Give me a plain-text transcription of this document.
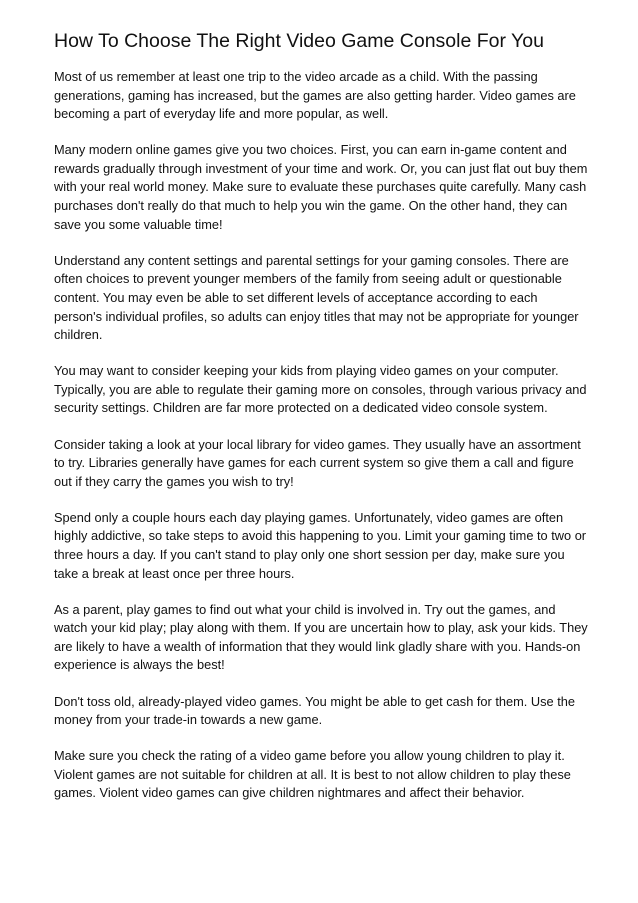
How To Choose The Right Video Game Console For You

Most of us remember at least one trip to the video arcade as a child. With the passing generations, gaming has increased, but the games are also getting harder. Video games are becoming a part of everyday life and more popular, as well.

Many modern online games give you two choices. First, you can earn in-game content and rewards gradually through investment of your time and work. Or, you can just flat out buy them with your real world money. Make sure to evaluate these purchases quite carefully. Many cash purchases don't really do that much to help you win the game. On the other hand, they can save you some valuable time!

Understand any content settings and parental settings for your gaming consoles. There are often choices to prevent younger members of the family from seeing adult or questionable content. You may even be able to set different levels of acceptance according to each person's individual profiles, so adults can enjoy titles that may not be appropriate for younger children.

You may want to consider keeping your kids from playing video games on your computer. Typically, you are able to regulate their gaming more on consoles, through various privacy and security settings. Children are far more protected on a dedicated video console system.

Consider taking a look at your local library for video games. They usually have an assortment to try. Libraries generally have games for each current system so give them a call and figure out if they carry the games you wish to try!

Spend only a couple hours each day playing games. Unfortunately, video games are often highly addictive, so take steps to avoid this happening to you. Limit your gaming time to two or three hours a day. If you can't stand to play only one short session per day, make sure you take a break at least once per three hours.

As a parent, play games to find out what your child is involved in. Try out the games, and watch your kid play; play along with them. If you are uncertain how to play, ask your kids. They are likely to have a wealth of information that they would link gladly share with you. Hands-on experience is always the best!

Don't toss old, already-played video games. You might be able to get cash for them. Use the money from your trade-in towards a new game.

Make sure you check the rating of a video game before you allow young children to play it. Violent games are not suitable for children at all. It is best to not allow children to play these games. Violent video games can give children nightmares and affect their behavior.
